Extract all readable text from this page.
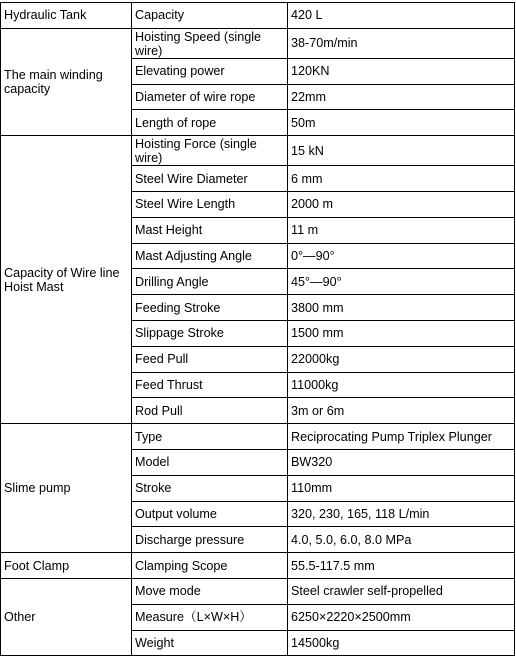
Hydraulic Tank	Capacity	420 L
The main winding capacity	Hoisting Speed (single wire)	38-70m/min
	Elevating power	120KN
	Diameter of wire rope	22mm
	Length of rope	50m
Capacity of Wire line Hoist Mast	Hoisting Force (single wire)	15 kN
	Steel Wire Diameter	6 mm
	Steel Wire Length	2000 m
	Mast Height	11 m
	Mast Adjusting Angle	0°—90°
	Drilling Angle	45°—90°
	Feeding Stroke	3800 mm
	Slippage Stroke	1500 mm
	Feed Pull	22000kg
	Feed Thrust	11000kg
	Rod Pull	3m or 6m
Slime pump	Type	Reciprocating Pump Triplex Plunger
	Model	BW320
	Stroke	110mm
	Output volume	320, 230, 165, 118 L/min
	Discharge pressure	4.0, 5.0, 6.0, 8.0 MPa
Foot Clamp	Clamping Scope	55.5-117.5 mm
Other	Move mode	Steel crawler self-propelled
	Measure（L×W×H）	6250×2220×2500mm
	Weight	14500kg
